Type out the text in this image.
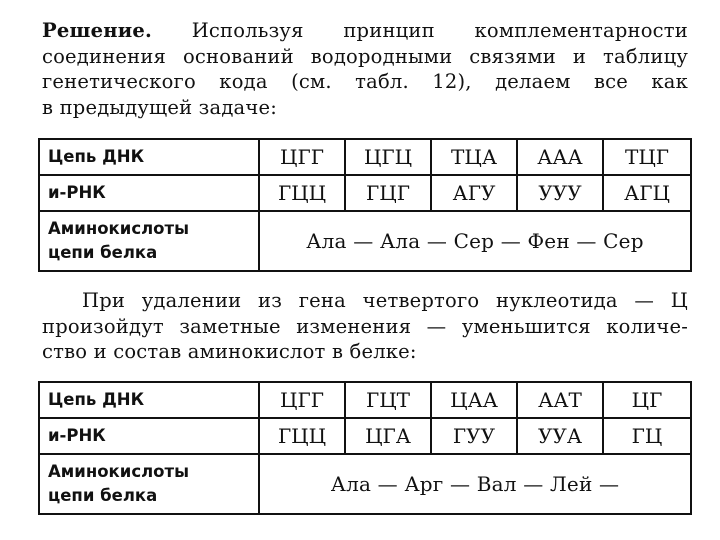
Решение. Используя принцип комплементарности
соединения оснований водородными связями и таблицу
генетического кода (см. табл. 12), делаем все как
в предыдущей задаче:
Цепь ДНК	ЦГГ	ЦГЦ	ТЦА	ААА	ТЦГ
и-РНК	ГЦЦ	ГЦГ	АГУ	УУУ	АГЦ
Аминокислоты
цепи белка	Ала — Ала — Сер — Фен — Сер				
При удалении из гена четвертого нуклеотида — Ц
произойдут заметные изменения — уменьшится количе-
ство и состав аминокислот в белке:
Цепь ДНК	ЦГГ	ГЦТ	ЦАА	ААТ	ЦГ
и-РНК	ГЦЦ	ЦГА	ГУУ	УУА	ГЦ
Аминокислоты
цепи белка	Ала — Арг — Вал — Лей —				
